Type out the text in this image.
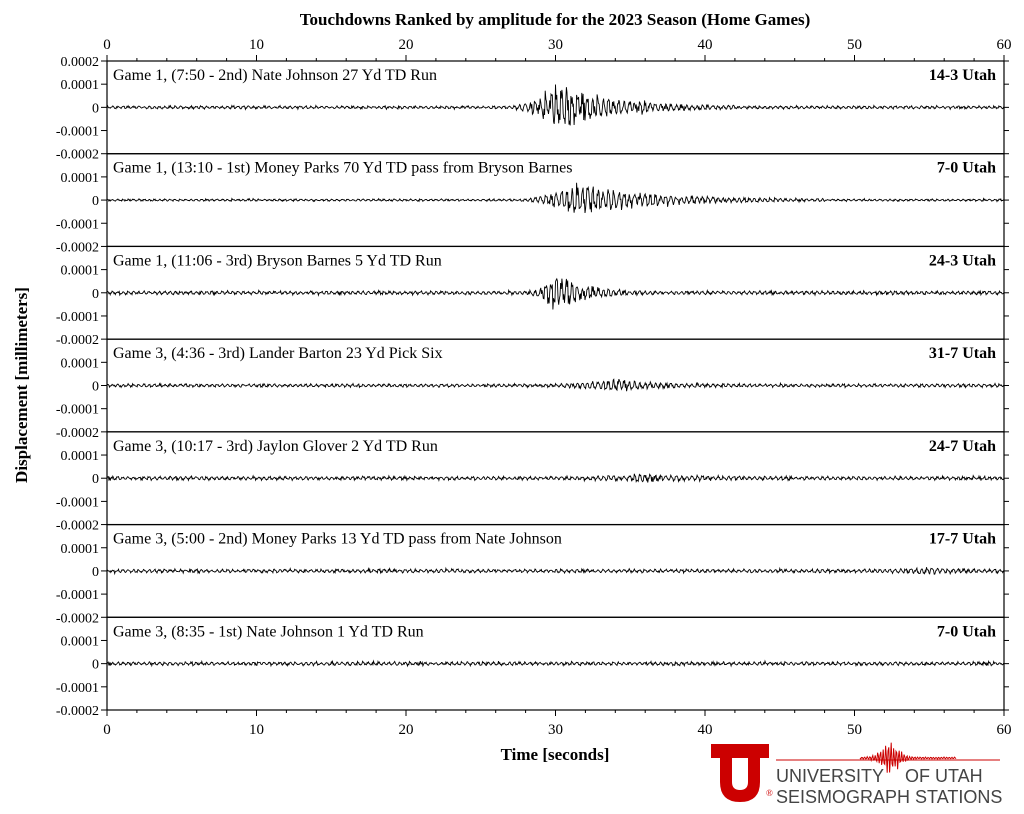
Touchdowns Ranked by amplitude for the 2023 Season (Home Games)
0	10	20	30	40	50	60
0.0002
0.0001
0
-0.0001
-0.0002
Game 1, (7:50 - 2nd) Nate Johnson 27 Yd TD Run	14-3 Utah
0.0001
0
-0.0001
-0.0002
Game 1, (13:10 - 1st) Money Parks 70 Yd TD pass from Bryson Barnes	7-0 Utah
0.0001
0
-0.0001
-0.0002
Game 1, (11:06 - 3rd) Bryson Barnes 5 Yd TD Run	24-3 Utah
0.0001
0
-0.0001
-0.0002
Game 3, (4:36 - 3rd) Lander Barton 23 Yd Pick Six	31-7 Utah
0.0001
0
-0.0001
-0.0002
Game 3, (10:17 - 3rd) Jaylon Glover 2 Yd TD Run	24-7 Utah
0.0001
0
-0.0001
-0.0002
Game 3, (5:00 - 2nd) Money Parks 13 Yd TD pass from Nate Johnson	17-7 Utah
0.0001
0
-0.0001
-0.0002
Game 3, (8:35 - 1st) Nate Johnson 1 Yd TD Run	7-0 Utah
0	10	20	30	40	50	60
Time [seconds]
Displacement [millimeters]
®
UNIVERSITY OF UTAH
SEISMOGRAPH STATIONS
